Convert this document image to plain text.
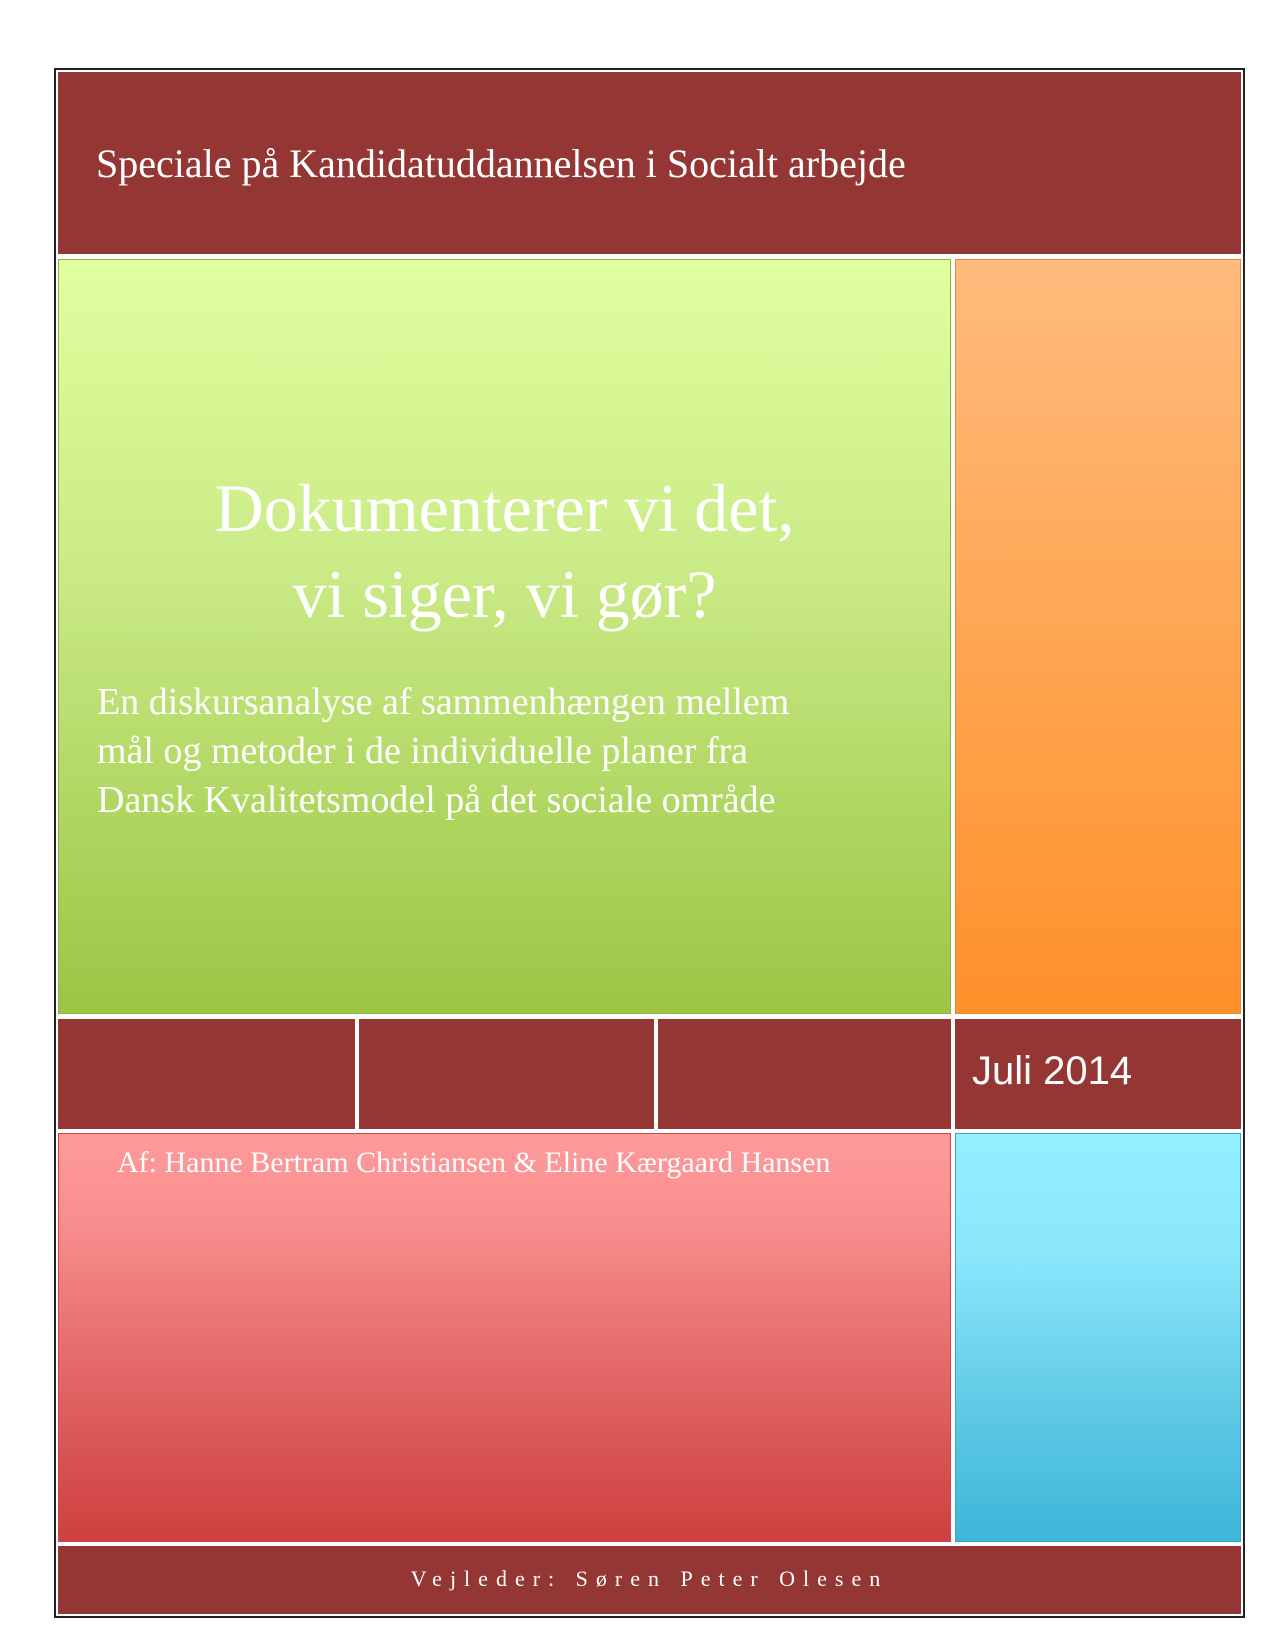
Speciale på Kandidatuddannelsen i Socialt arbejde
Dokumenterer vi det,
vi siger, vi gør?
En diskursanalyse af sammenhængen mellem
mål og metoder i de individuelle planer fra
Dansk Kvalitetsmodel på det sociale område
Juli 2014
Af: Hanne Bertram Christiansen & Eline Kærgaard Hansen
Vejleder: Søren Peter Olesen
